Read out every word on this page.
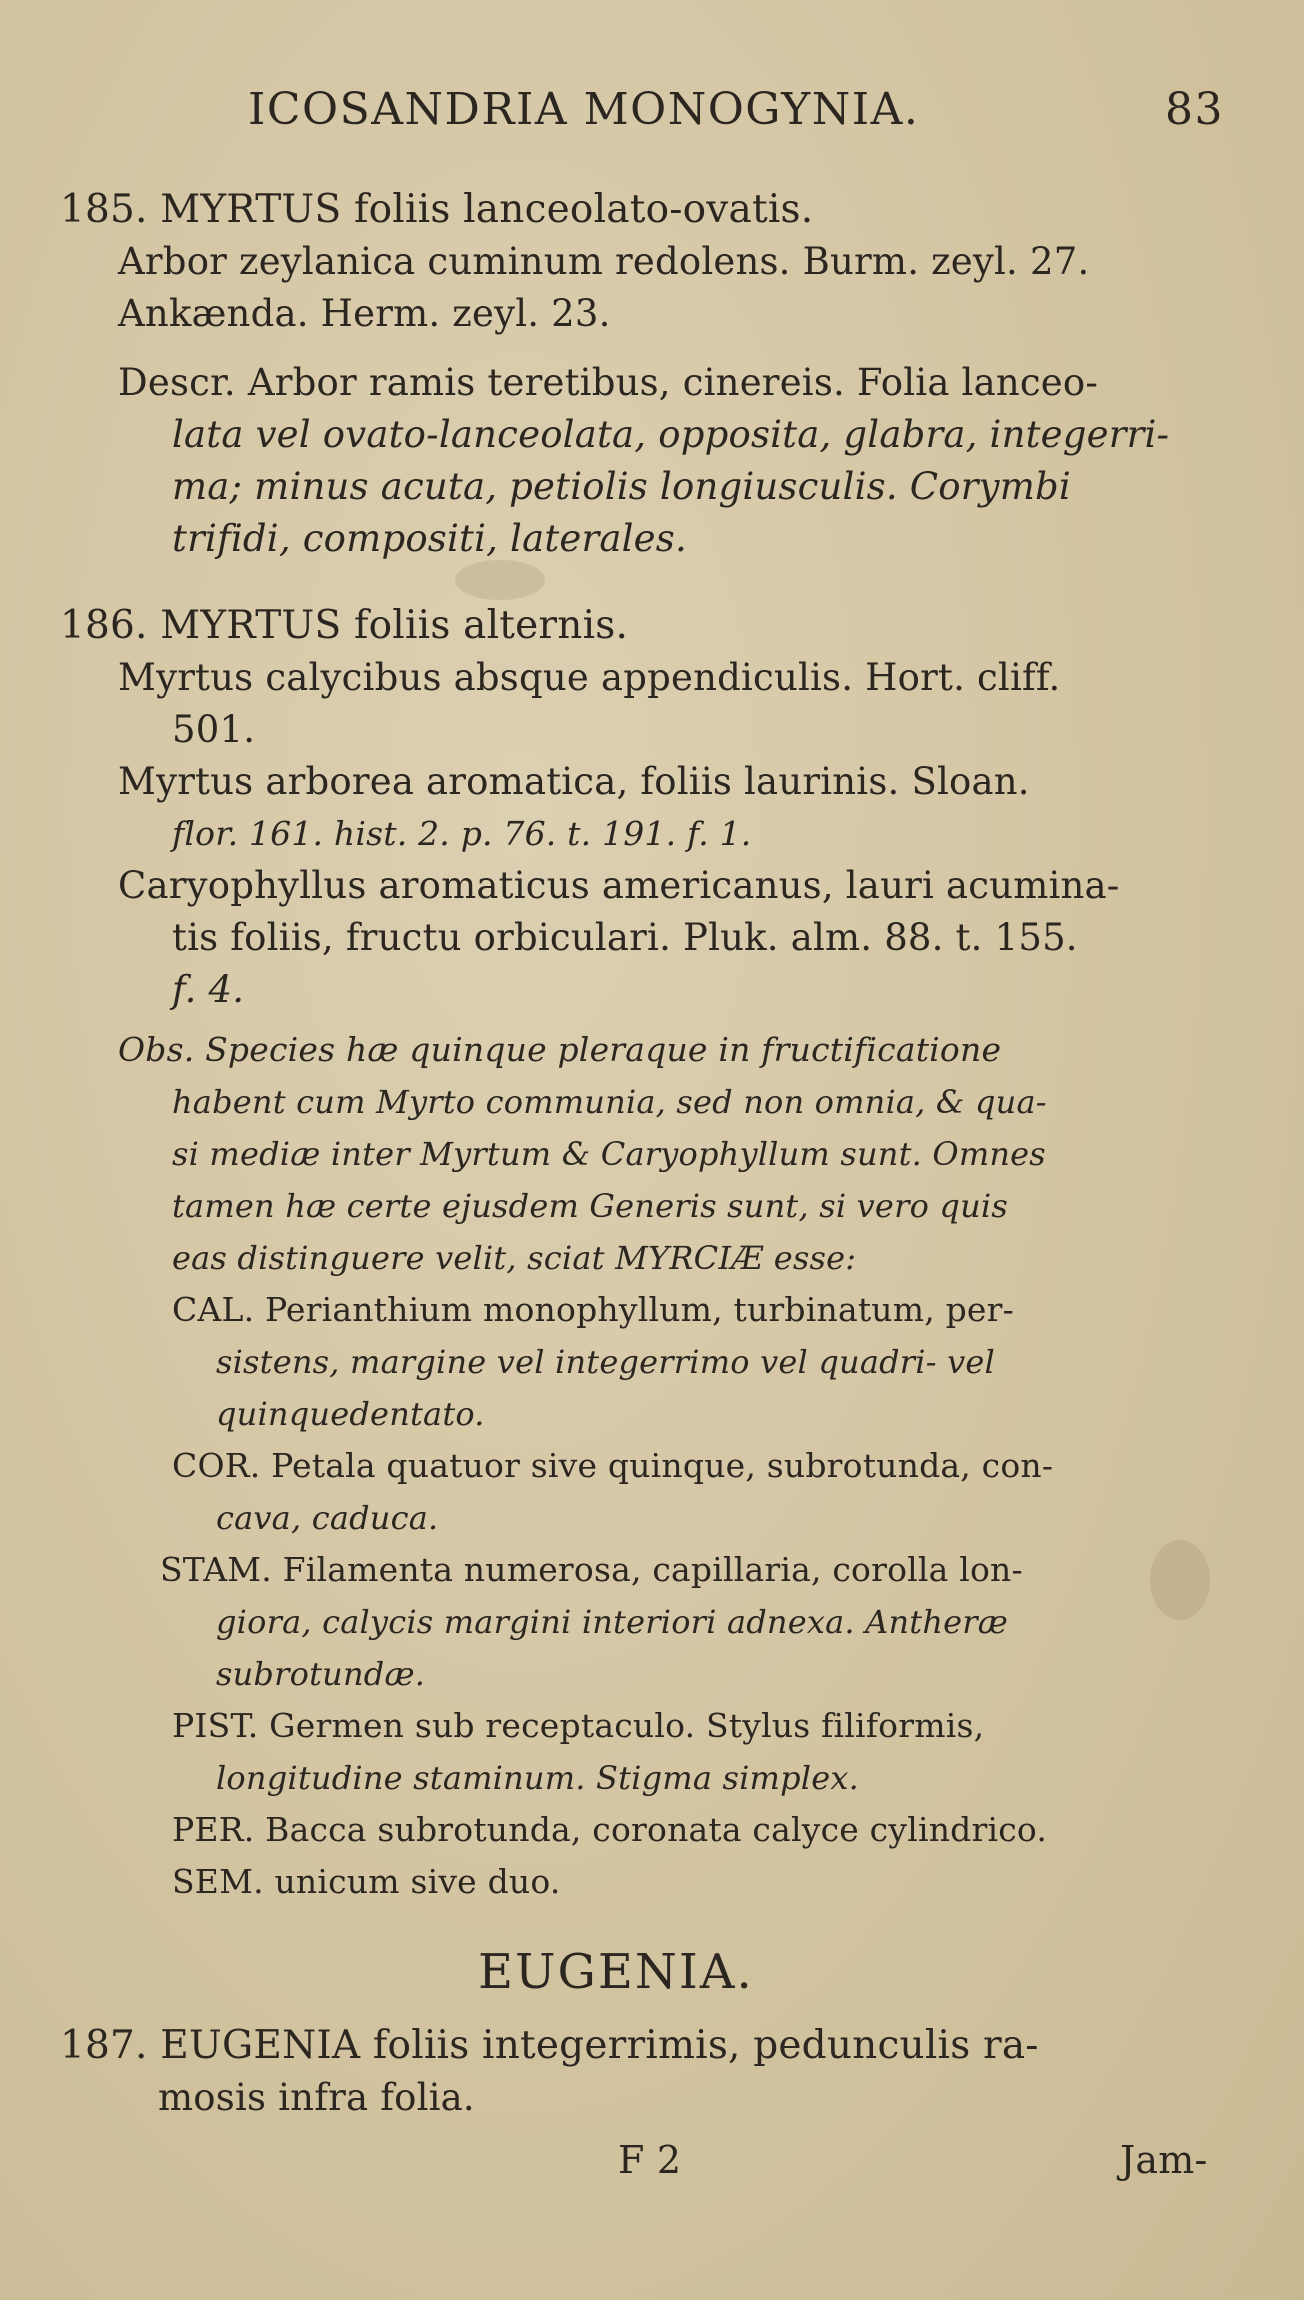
ICOSANDRIA MONOGYNIA.	83
185. MYRTUS foliis lanceolato-ovatis.
Arbor zeylanica cuminum redolens. Burm. zeyl. 27.
Ankænda. Herm. zeyl. 23.
Descr. Arbor ramis teretibus, cinereis. Folia lanceo-
lata vel ovato-lanceolata, opposita, glabra, integerri-
ma; minus acuta, petiolis longiusculis. Corymbi
trifidi, compositi, laterales.
186. MYRTUS foliis alternis.
Myrtus calycibus absque appendiculis. Hort. cliff.
501.
Myrtus arborea aromatica, foliis laurinis. Sloan.
flor. 161. hist. 2. p. 76. t. 191. f. 1.
Caryophyllus aromaticus americanus, lauri acumina-
tis foliis, fructu orbiculari. Pluk. alm. 88. t. 155.
f. 4.
Obs. Species hæ quinque pleraque in fructificatione
habent cum Myrto communia, sed non omnia, & qua-
si mediæ inter Myrtum & Caryophyllum sunt. Omnes
tamen hæ certe ejusdem Generis sunt, si vero quis
eas distinguere velit, sciat MYRCIÆ esse:
CAL. Perianthium monophyllum, turbinatum, per-
sistens, margine vel integerrimo vel quadri- vel
quinquedentato.
COR. Petala quatuor sive quinque, subrotunda, con-
cava, caduca.
STAM. Filamenta numerosa, capillaria, corolla lon-
giora, calycis margini interiori adnexa. Antheræ
subrotundæ.
PIST. Germen sub receptaculo. Stylus filiformis,
longitudine staminum. Stigma simplex.
PER. Bacca subrotunda, coronata calyce cylindrico.
SEM. unicum sive duo.
EUGENIA.
187. EUGENIA foliis integerrimis, pedunculis ra-
mosis infra folia.
F 2	Jam-
